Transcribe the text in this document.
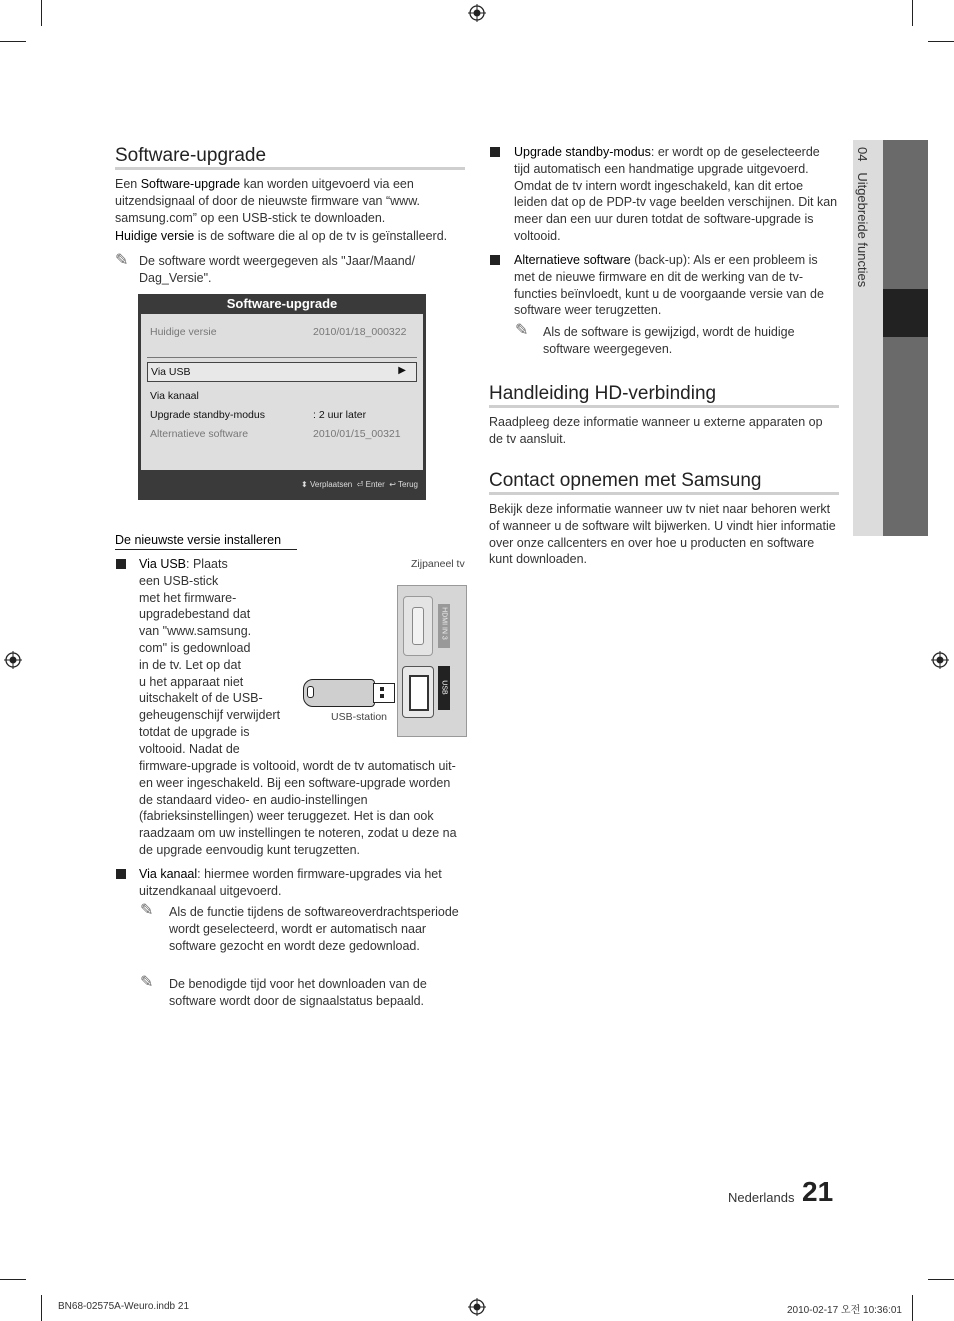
Software-upgrade

Een Software-upgrade kan worden uitgevoerd via een uitzendsignaal of door de nieuwste firmware van “www. samsung.com” op een USB-stick te downloaden.

Huidige versie is de software die al op de tv is geïnstalleerd.

✎ De software wordt weergegeven als "Jaar/Maand/ Dag_Versie".

Software-upgrade
Huidige versie	2010/01/18_000322
Via USB	▶
Via kanaal
Upgrade standby-modus	: 2 uur later
Alternatieve software	2010/01/15_00321
⬍ Verplaatsen ⏎ Enter ↩ Terug

De nieuwste versie installeren

Via USB: Plaats
een USB-stick
met het firmware-
upgradebestand dat
van "www.samsung.
com" is gedownload
in de tv. Let op dat
u het apparaat niet
uitschakelt of de USB-
geheugenschijf verwijdert
totdat de upgrade is
voltooid. Nadat de

firmware-upgrade is voltooid, wordt de tv automatisch uit- en weer ingeschakeld. Bij een software-upgrade worden de standaard video- en audio-instellingen (fabrieksinstellingen) weer teruggezet. Het is dan ook raadzaam om uw instellingen te noteren, zodat u deze na de upgrade eenvoudig kunt terugzetten.

Zijpaneel tv
HDMI IN 3
USB
USB-station

Via kanaal: hiermee worden firmware-upgrades via het uitzendkanaal uitgevoerd.

✎ Als de functie tijdens de softwareoverdrachtsperiode wordt geselecteerd, wordt er automatisch naar software gezocht en wordt deze gedownload.

✎ De benodigde tijd voor het downloaden van de software wordt door de signaalstatus bepaald.

Upgrade standby-modus: er wordt op de geselecteerde tijd automatisch een handmatige upgrade uitgevoerd. Omdat de tv intern wordt ingeschakeld, kan dit ertoe leiden dat op de PDP-tv vage beelden verschijnen. Dit kan meer dan een uur duren totdat de software-upgrade is voltooid.

Alternatieve software (back-up): Als er een probleem is met de nieuwe firmware en dit de werking van de tv-functies beïnvloedt, kunt u de voorgaande versie van de software weer terugzetten.

✎ Als de software is gewijzigd, wordt de huidige software weergegeven.

Handleiding HD-verbinding

Raadpleeg deze informatie wanneer u externe apparaten op de tv aansluit.

Contact opnemen met Samsung

Bekijk deze informatie wanneer uw tv niet naar behoren werkt of wanneer u de software wilt bijwerken. U vindt hier informatie over onze callcenters en over hoe u producten en software kunt downloaden.

04   Uitgebreide functies
Nederlands 21
BN68-02575A-Weuro.indb 21	2010-02-17 오전 10:36:01
